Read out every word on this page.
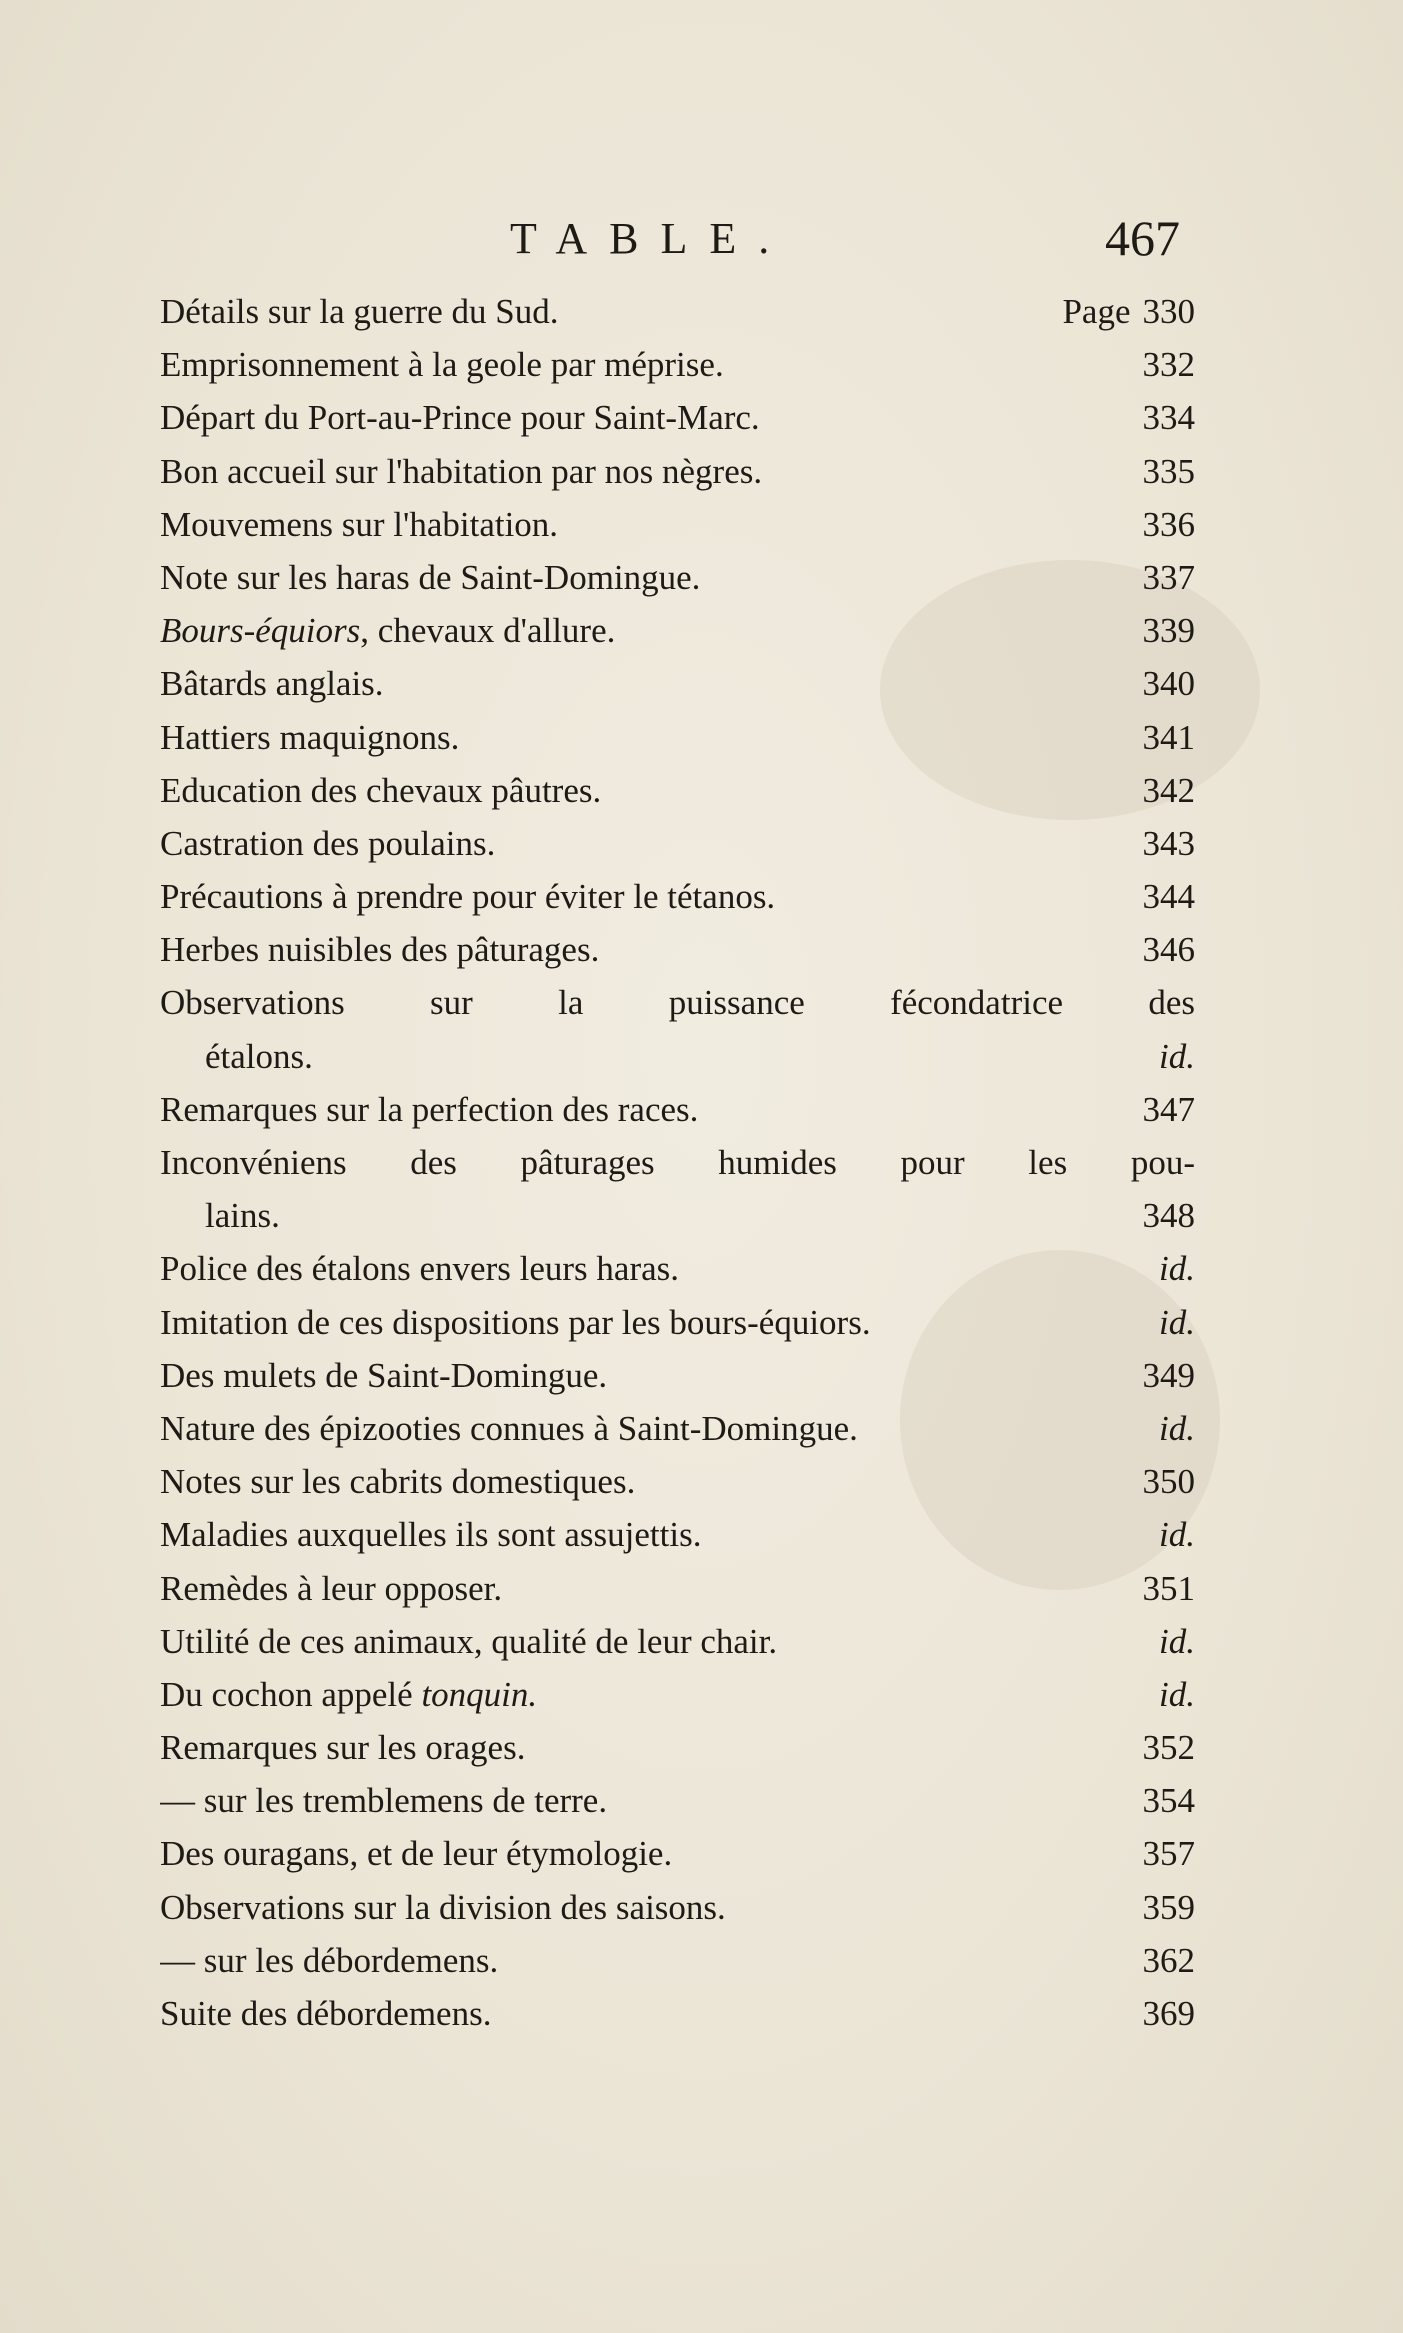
TABLE.	467
Détails sur la guerre du Sud.	Page 330
Emprisonnement à la geole par méprise.	332
Départ du Port-au-Prince pour Saint-Marc.	334
Bon accueil sur l'habitation par nos nègres.	335
Mouvemens sur l'habitation.	336
Note sur les haras de Saint-Domingue.	337
Bours-équiors, chevaux d'allure.	339
Bâtards anglais.	340
Hattiers maquignons.	341
Education des chevaux pâutres.	342
Castration des poulains.	343
Précautions à prendre pour éviter le tétanos.	344
Herbes nuisibles des pâturages.	346
Observations sur la puissance fécondatrice des
étalons.	id.
Remarques sur la perfection des races.	347
Inconvéniens des pâturages humides pour les pou-
lains.	348
Police des étalons envers leurs haras.	id.
Imitation de ces dispositions par les bours-équiors.	id.
Des mulets de Saint-Domingue.	349
Nature des épizooties connues à Saint-Domingue.	id.
Notes sur les cabrits domestiques.	350
Maladies auxquelles ils sont assujettis.	id.
Remèdes à leur opposer.	351
Utilité de ces animaux, qualité de leur chair.	id.
Du cochon appelé tonquin.	id.
Remarques sur les orages.	352
— sur les tremblemens de terre.	354
Des ouragans, et de leur étymologie.	357
Observations sur la division des saisons.	359
— sur les débordemens.	362
Suite des débordemens.	369
